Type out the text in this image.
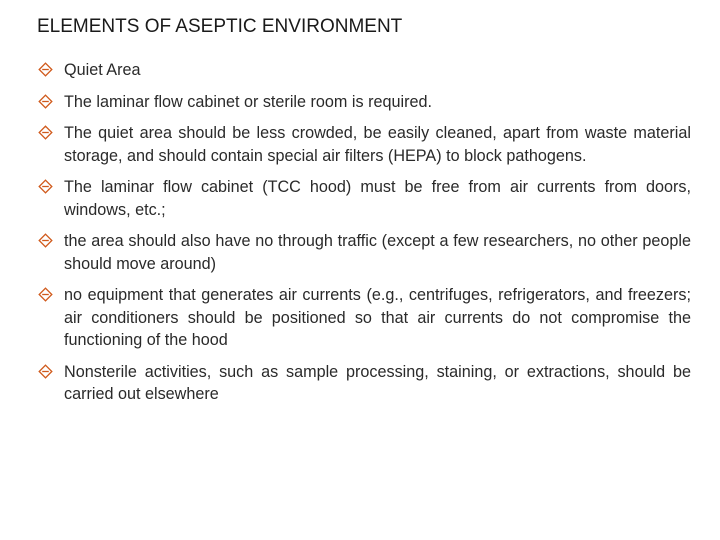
ELEMENTS OF ASEPTIC ENVIRONMENT
Quiet Area
The laminar flow cabinet or sterile room is required.
The quiet area should be less crowded, be easily cleaned, apart from waste material storage, and should contain special air filters (HEPA) to block pathogens.
The laminar flow cabinet (TCC hood) must be free from air currents from doors, windows, etc.;
the area should also have no through traffic (except a few researchers, no other people should move around)
no equipment that generates air currents (e.g., centrifuges, refrigerators, and freezers; air conditioners should be positioned so that air currents do not compromise the functioning of the hood
Nonsterile activities, such as sample processing, staining, or extractions, should be carried out elsewhere
